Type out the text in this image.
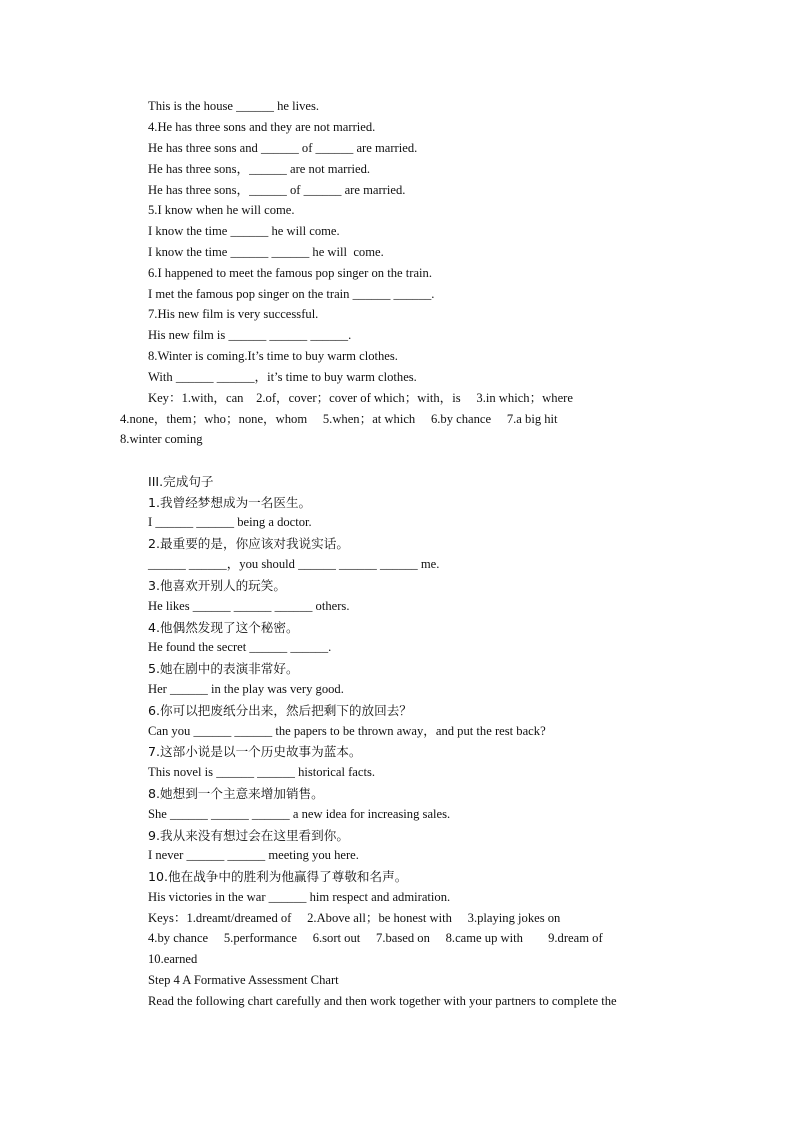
This is the house ______ he lives.
4.He has three sons and they are not married.
He has three sons and ______ of ______ are married.
He has three sons，______ are not married.
He has three sons，______ of ______ are married.
5.I know when he will come.
I know the time ______ he will come.
I know the time ______ ______ he will  come.
6.I happened to meet the famous pop singer on the train.
I met the famous pop singer on the train ______ ______.
7.His new film is very successful.
His new film is ______ ______ ______.
8.Winter is coming.It’s time to buy warm clothes.
With ______ ______，it’s time to buy warm clothes.
Key：1.with，can    2.of，cover；cover of which；with，is     3.in which；where
4.none，them；who；none，whom     5.when；at which     6.by chance     7.a big hit
8.winter coming
III.完成句子
1.我曾经梦想成为一名医生。
I ______ ______ being a doctor.
2.最重要的是，你应该对我说实话。
______ ______，you should ______ ______ ______ me.
3.他喜欢开别人的玩笑。
He likes ______ ______ ______ others.
4.他偶然发现了这个秘密。
He found the secret ______ ______.
5.她在剧中的表演非常好。
Her ______ in the play was very good.
6.你可以把废纸分出来，然后把剩下的放回去？
Can you ______ ______ the papers to be thrown away，and put the rest back?
7.这部小说是以一个历史故事为蓝本。
This novel is ______ ______ historical facts.
8.她想到一个主意来增加销售。
She ______ ______ ______ a new idea for increasing sales.
9.我从来没有想过会在这里看到你。
I never ______ ______ meeting you here.
10.他在战争中的胜利为他赢得了尊敬和名声。
His victories in the war ______ him respect and admiration.
Keys：1.dreamt/dreamed of     2.Above all；be honest with     3.playing jokes on
4.by chance     5.performance     6.sort out     7.based on     8.came up with        9.dream of
10.earned
Step 4 A Formative Assessment Chart
Read the following chart carefully and then work together with your partners to complete the
